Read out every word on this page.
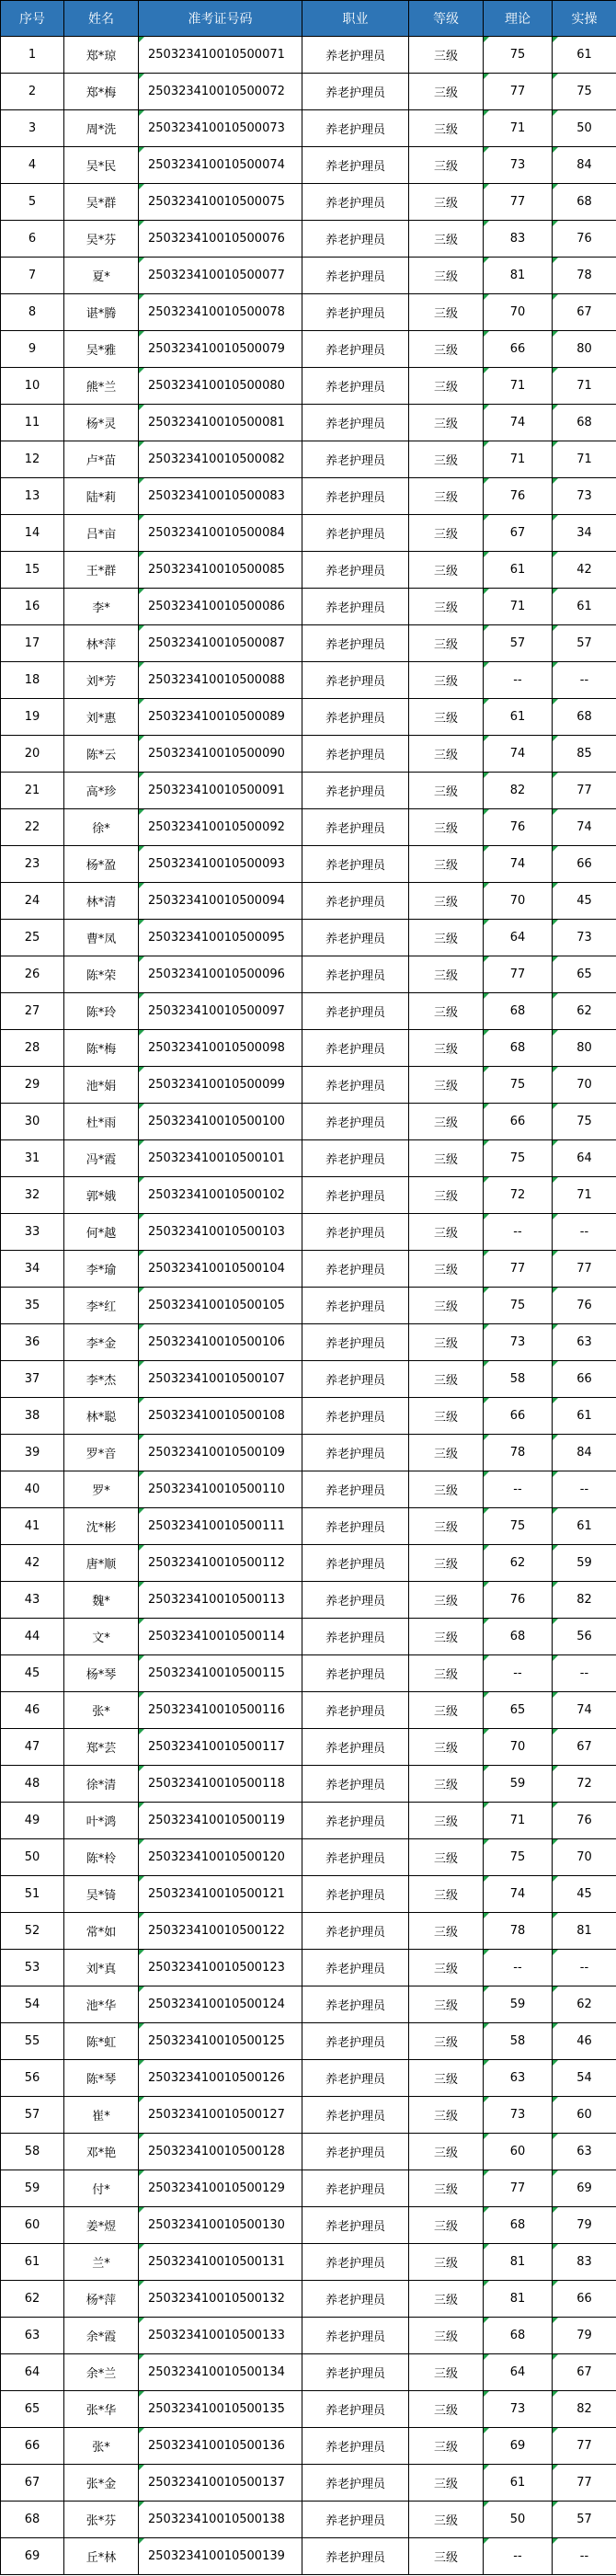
序号	姓名	准考证号码	职业	等级	理论	实操
1	郑*琼	250323410010500071	养老护理员	三级	75	61
2	郑*梅	250323410010500072	养老护理员	三级	77	75
3	周*洗	250323410010500073	养老护理员	三级	71	50
4	吴*民	250323410010500074	养老护理员	三级	73	84
5	吴*群	250323410010500075	养老护理员	三级	77	68
6	吴*芬	250323410010500076	养老护理员	三级	83	76
7	夏*	250323410010500077	养老护理员	三级	81	78
8	谌*腾	250323410010500078	养老护理员	三级	70	67
9	吴*雅	250323410010500079	养老护理员	三级	66	80
10	熊*兰	250323410010500080	养老护理员	三级	71	71
11	杨*灵	250323410010500081	养老护理员	三级	74	68
12	卢*苗	250323410010500082	养老护理员	三级	71	71
13	陆*莉	250323410010500083	养老护理员	三级	76	73
14	吕*亩	250323410010500084	养老护理员	三级	67	34
15	王*群	250323410010500085	养老护理员	三级	61	42
16	李*	250323410010500086	养老护理员	三级	71	61
17	林*萍	250323410010500087	养老护理员	三级	57	57
18	刘*芳	250323410010500088	养老护理员	三级	--	--
19	刘*惠	250323410010500089	养老护理员	三级	61	68
20	陈*云	250323410010500090	养老护理员	三级	74	85
21	高*珍	250323410010500091	养老护理员	三级	82	77
22	徐*	250323410010500092	养老护理员	三级	76	74
23	杨*盈	250323410010500093	养老护理员	三级	74	66
24	林*清	250323410010500094	养老护理员	三级	70	45
25	曹*凤	250323410010500095	养老护理员	三级	64	73
26	陈*荣	250323410010500096	养老护理员	三级	77	65
27	陈*玲	250323410010500097	养老护理员	三级	68	62
28	陈*梅	250323410010500098	养老护理员	三级	68	80
29	池*娟	250323410010500099	养老护理员	三级	75	70
30	杜*雨	250323410010500100	养老护理员	三级	66	75
31	冯*霞	250323410010500101	养老护理员	三级	75	64
32	郭*娥	250323410010500102	养老护理员	三级	72	71
33	何*越	250323410010500103	养老护理员	三级	--	--
34	李*瑜	250323410010500104	养老护理员	三级	77	77
35	李*红	250323410010500105	养老护理员	三级	75	76
36	李*金	250323410010500106	养老护理员	三级	73	63
37	李*杰	250323410010500107	养老护理员	三级	58	66
38	林*聪	250323410010500108	养老护理员	三级	66	61
39	罗*音	250323410010500109	养老护理员	三级	78	84
40	罗*	250323410010500110	养老护理员	三级	--	--
41	沈*彬	250323410010500111	养老护理员	三级	75	61
42	唐*顺	250323410010500112	养老护理员	三级	62	59
43	魏*	250323410010500113	养老护理员	三级	76	82
44	文*	250323410010500114	养老护理员	三级	68	56
45	杨*琴	250323410010500115	养老护理员	三级	--	--
46	张*	250323410010500116	养老护理员	三级	65	74
47	郑*芸	250323410010500117	养老护理员	三级	70	67
48	徐*清	250323410010500118	养老护理员	三级	59	72
49	叶*鸿	250323410010500119	养老护理员	三级	71	76
50	陈*柃	250323410010500120	养老护理员	三级	75	70
51	吴*锜	250323410010500121	养老护理员	三级	74	45
52	常*如	250323410010500122	养老护理员	三级	78	81
53	刘*真	250323410010500123	养老护理员	三级	--	--
54	池*华	250323410010500124	养老护理员	三级	59	62
55	陈*虹	250323410010500125	养老护理员	三级	58	46
56	陈*琴	250323410010500126	养老护理员	三级	63	54
57	崔*	250323410010500127	养老护理员	三级	73	60
58	邓*艳	250323410010500128	养老护理员	三级	60	63
59	付*	250323410010500129	养老护理员	三级	77	69
60	姜*煜	250323410010500130	养老护理员	三级	68	79
61	兰*	250323410010500131	养老护理员	三级	81	83
62	杨*萍	250323410010500132	养老护理员	三级	81	66
63	余*霞	250323410010500133	养老护理员	三级	68	79
64	余*兰	250323410010500134	养老护理员	三级	64	67
65	张*华	250323410010500135	养老护理员	三级	73	82
66	张*	250323410010500136	养老护理员	三级	69	77
67	张*金	250323410010500137	养老护理员	三级	61	77
68	张*芬	250323410010500138	养老护理员	三级	50	57
69	丘*林	250323410010500139	养老护理员	三级	--	--
